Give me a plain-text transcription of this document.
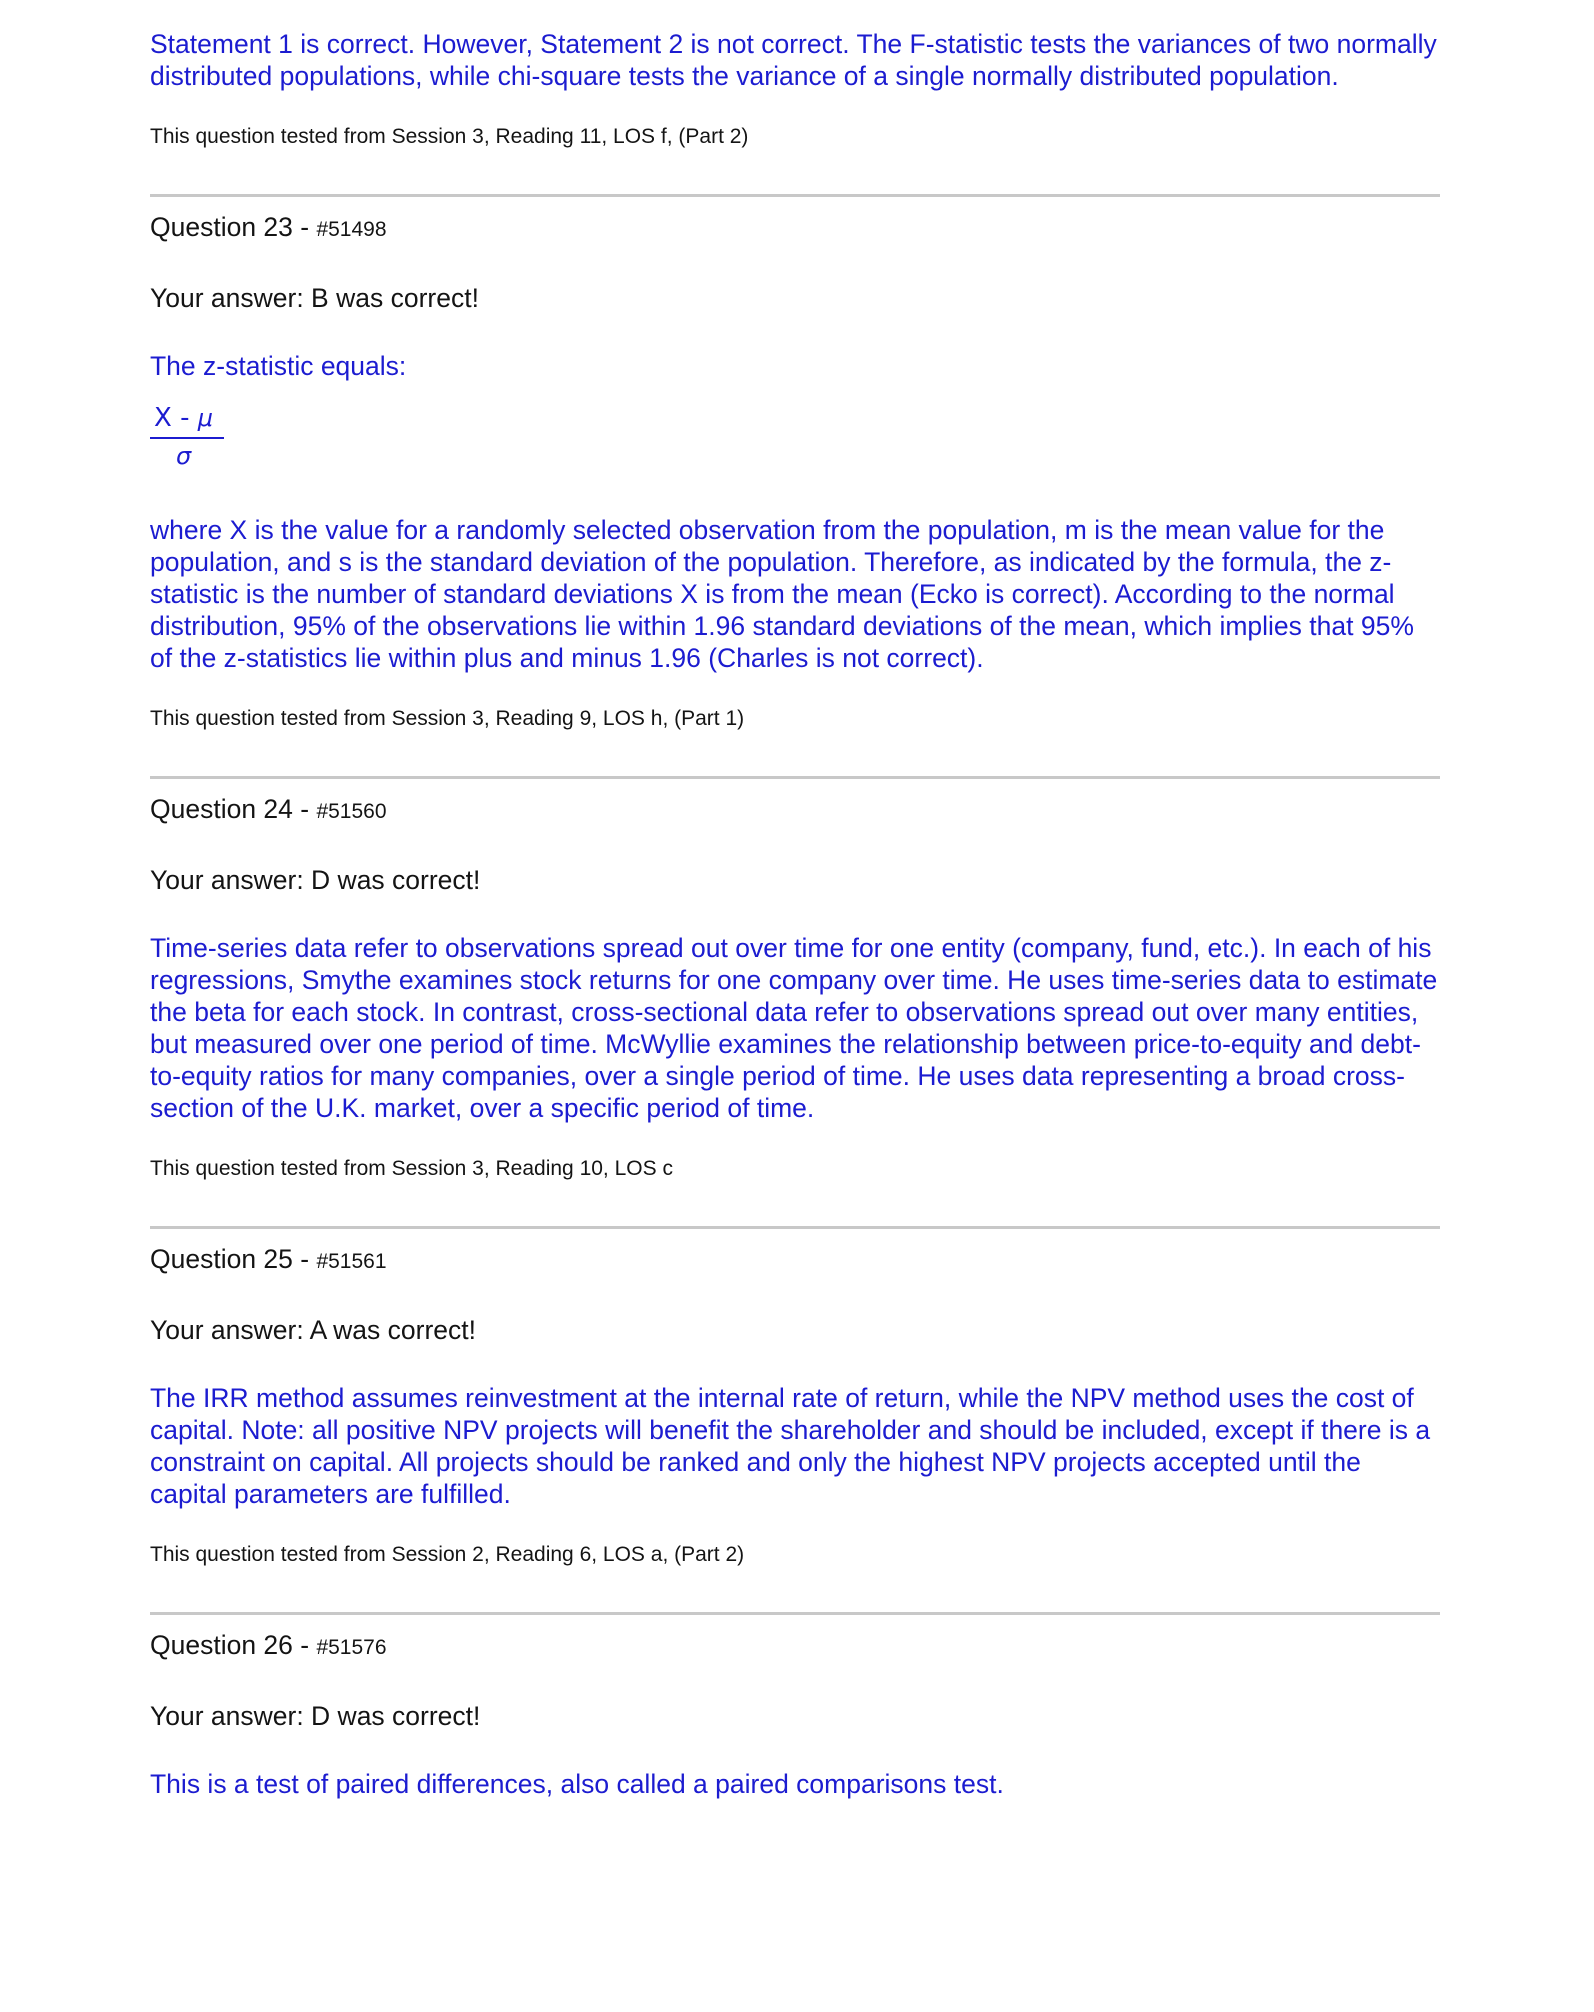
Statement 1 is correct. However, Statement 2 is not correct. The F-statistic tests the variances of two normally distributed populations, while chi-square tests the variance of a single normally distributed population.

This question tested from Session 3, Reading 11, LOS f, (Part 2)

Question 23 - #51498

Your answer: B was correct!

The z-statistic equals:

X - μ
σ

where X is the value for a randomly selected observation from the population, m is the mean value for the population, and s is the standard deviation of the population. Therefore, as indicated by the formula, the z-statistic is the number of standard deviations X is from the mean (Ecko is correct). According to the normal distribution, 95% of the observations lie within 1.96 standard deviations of the mean, which implies that 95% of the z-statistics lie within plus and minus 1.96 (Charles is not correct).

This question tested from Session 3, Reading 9, LOS h, (Part 1)

Question 24 - #51560

Your answer: D was correct!

Time-series data refer to observations spread out over time for one entity (company, fund, etc.). In each of his regressions, Smythe examines stock returns for one company over time. He uses time-series data to estimate the beta for each stock. In contrast, cross-sectional data refer to observations spread out over many entities, but measured over one period of time. McWyllie examines the relationship between price-to-equity and debt-to-equity ratios for many companies, over a single period of time. He uses data representing a broad cross-section of the U.K. market, over a specific period of time.

This question tested from Session 3, Reading 10, LOS c

Question 25 - #51561

Your answer: A was correct!

The IRR method assumes reinvestment at the internal rate of return, while the NPV method uses the cost of capital. Note: all positive NPV projects will benefit the shareholder and should be included, except if there is a constraint on capital. All projects should be ranked and only the highest NPV projects accepted until the capital parameters are fulfilled.

This question tested from Session 2, Reading 6, LOS a, (Part 2)

Question 26 - #51576

Your answer: D was correct!

This is a test of paired differences, also called a paired comparisons test.
